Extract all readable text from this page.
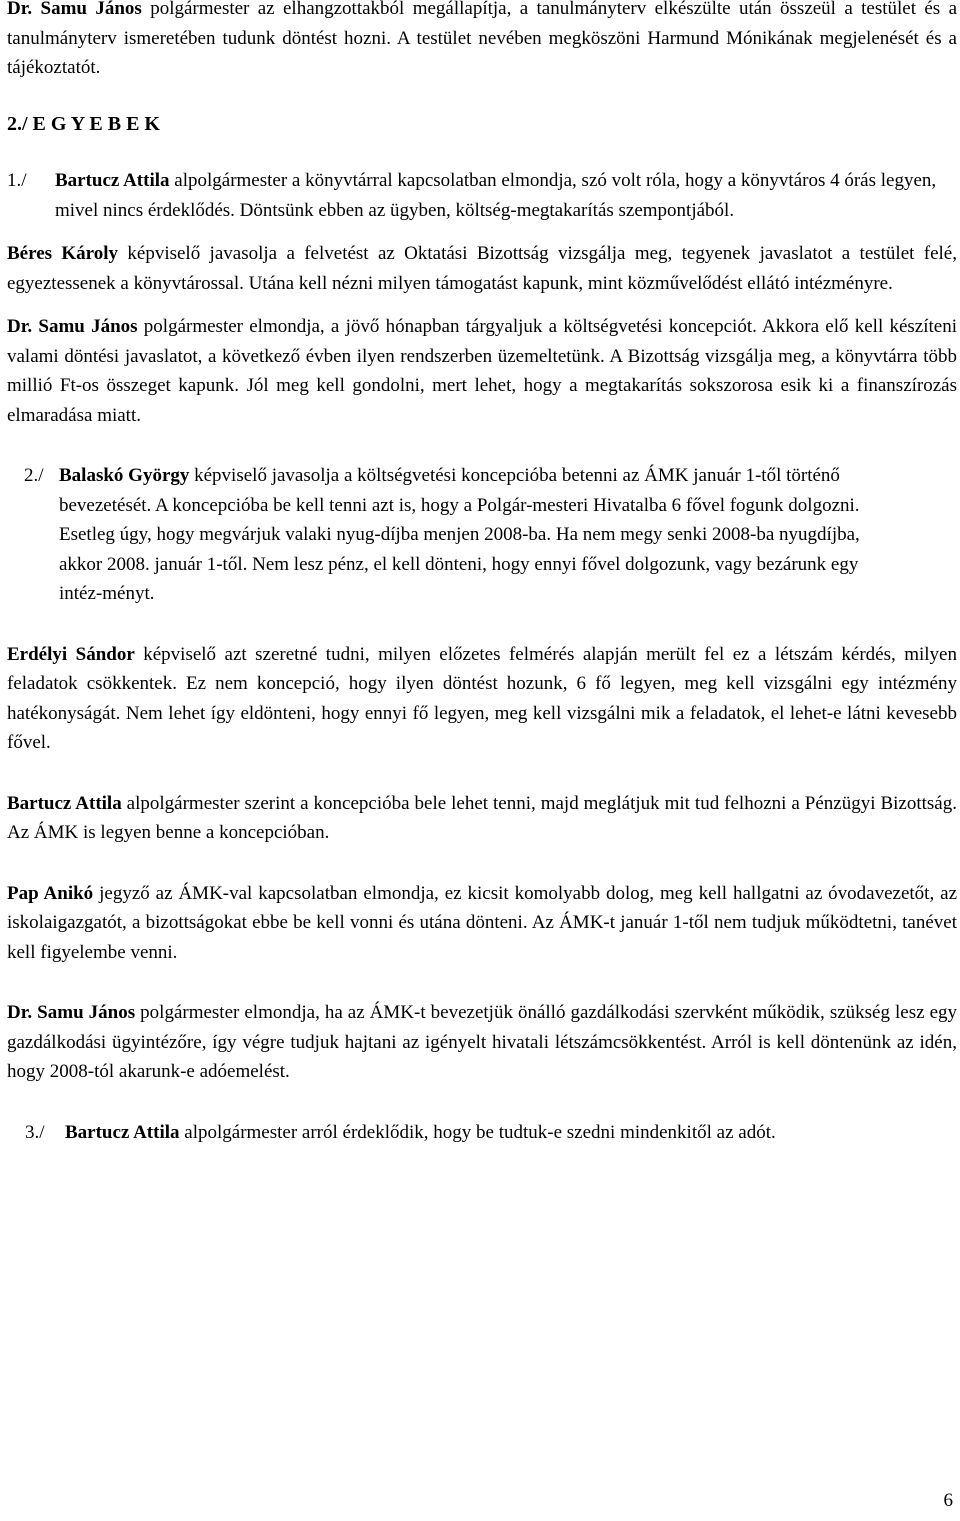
Dr. Samu János polgármester az elhangzottakból megállapítja, a tanulmányterv elkészülte után összeül a testület és a tanulmányterv ismeretében tudunk döntést hozni. A testület nevében megköszöni Harmund Mónikának megjelenését és a tájékoztatót.

2./ E G Y E B E K
1./	Bartucz Attila alpolgármester a könyvtárral kapcsolatban elmondja, szó volt róla, hogy a könyvtáros 4 órás legyen, mivel nincs érdeklődés. Döntsünk ebben az ügyben, költség-megtakarítás szempontjából.

Béres Károly képviselő javasolja a felvetést az Oktatási Bizottság vizsgálja meg, tegyenek javaslatot a testület felé, egyeztessenek a könyvtárossal. Utána kell nézni milyen támogatást kapunk, mint közművelődést ellátó intézményre.

Dr. Samu János polgármester elmondja, a jövő hónapban tárgyaljuk a költségvetési koncepciót. Akkora elő kell készíteni valami döntési javaslatot, a következő évben ilyen rendszerben üzemeltetünk. A Bizottság vizsgálja meg, a könyvtárra több millió Ft-os összeget kapunk. Jól meg kell gondolni, mert lehet, hogy a megtakarítás sokszorosa esik ki a finanszírozás elmaradása miatt.

2./ Balaskó György képviselő javasolja a költségvetési koncepcióba betenni az ÁMK január 1-től történő bevezetését. A koncepcióba be kell tenni azt is, hogy a Polgár-mesteri Hivatalba 6 fővel fogunk dolgozni. Esetleg úgy, hogy megvárjuk valaki nyug-díjba menjen 2008-ba. Ha nem megy senki 2008-ba nyugdíjba, akkor 2008. január 1-től. Nem lesz pénz, el kell dönteni, hogy ennyi fővel dolgozunk, vagy bezárunk egy intéz-ményt.

Erdélyi Sándor képviselő azt szeretné tudni, milyen előzetes felmérés alapján merült fel ez a létszám kérdés, milyen feladatok csökkentek. Ez nem koncepció, hogy ilyen döntést hozunk, 6 fő legyen, meg kell vizsgálni egy intézmény hatékonyságát. Nem lehet így eldönteni, hogy ennyi fő legyen, meg kell vizsgálni mik a feladatok, el lehet-e látni kevesebb fővel.

Bartucz Attila alpolgármester szerint a koncepcióba bele lehet tenni, majd meglátjuk mit tud felhozni a Pénzügyi Bizottság. Az ÁMK is legyen benne a koncepcióban.

Pap Anikó jegyző az ÁMK-val kapcsolatban elmondja, ez kicsit komolyabb dolog, meg kell hallgatni az óvodavezetőt, az iskolaigazgatót, a bizottságokat ebbe be kell vonni és utána dönteni. Az ÁMK-t január 1-től nem tudjuk működtetni, tanévet kell figyelembe venni.

Dr. Samu János polgármester elmondja, ha az ÁMK-t bevezetjük önálló gazdálkodási szervként működik, szükség lesz egy gazdálkodási ügyintézőre, így végre tudjuk hajtani az igényelt hivatali létszámcsökkentést. Arról is kell döntenünk az idén, hogy 2008-tól akarunk-e adóemelést.

3./	Bartucz Attila alpolgármester arról érdeklődik, hogy be tudtuk-e szedni mindenkitől az adót.
6
